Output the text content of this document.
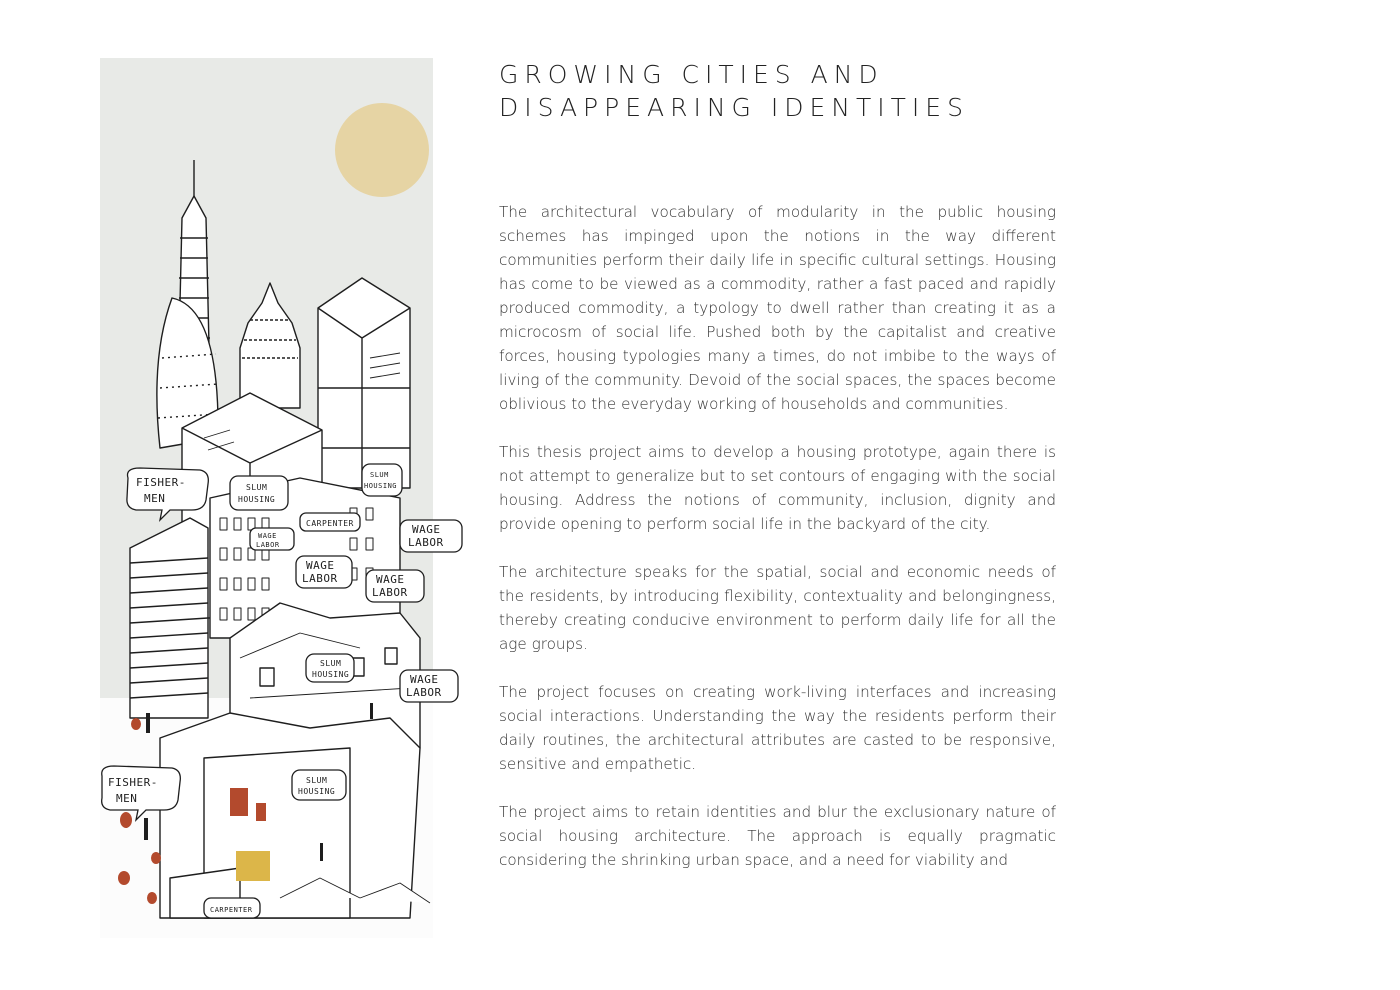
FISHER-
MEN
SLUM
HOUSING
CARPENTER
WAGE
LABOR
WAGE
LABOR
WAGE
LABOR	WAGE
LABOR
SLUM
HOUSING	WAGE
LABOR
SLUM
HOUSING
FISHER-
MEN
SLUM
HOUSING
CARPENTER
GROWING CITIES AND
DISAPPEARING IDENTITIES

The architectural vocabulary of modularity in the public housing schemes has impinged upon the notions in the way different communities perform their daily life in specific cultural settings. Housing has come to be viewed as a commodity, rather a fast paced and rapidly produced commodity, a typology to dwell rather than creating it as a microcosm of social life. Pushed both by the capitalist and creative forces, housing typologies many a times, do not imbibe to the ways of living of the community. Devoid of the social spaces, the spaces become oblivious to the everyday working of households and communities.

This thesis project aims to develop a housing prototype, again there is not attempt to generalize but to set contours of engaging with the social housing. Address the notions of community, inclusion, dignity and provide opening to perform social life in the backyard of the city.

The architecture speaks for the spatial, social and economic needs of the residents, by introducing flexibility, contextuality and belongingness, thereby creating conducive environment to perform daily life for all the age groups.

The project focuses on creating work-living interfaces and increasing social interactions. Understanding the way the residents perform their daily routines, the architectural attributes are casted to be responsive, sensitive and empathetic.

The project aims to retain identities and blur the exclusionary nature of social housing architecture. The approach is equally pragmatic considering the shrinking urban space, and a need for viability and
